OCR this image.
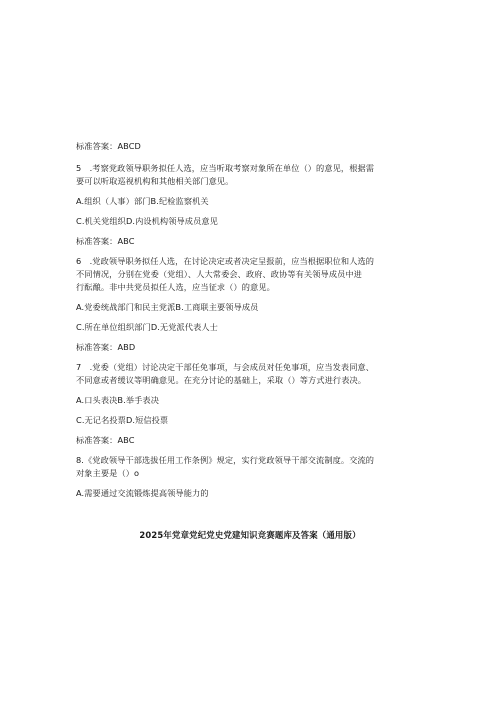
标准答案：ABCD

5　.考察党政领导职务拟任人选，应当听取考察对象所在单位（）的意见，根据需

要可以听取巡视机构和其他相关部门意见。

A.组织（人事）部门B.纪检监察机关

C.机关党组织D.内设机构领导成员意见

标准答案：ABC

6　.党政领导职务拟任人选，在讨论决定或者决定呈报前，应当根据职位和人选的

不同情况，分别在党委（党组）、人大常委会、政府、政协等有关领导成员中进

行酝酿。非中共党员拟任人选，应当征求（）的意见。

A.党委统战部门和民主党派B.工商联主要领导成员

C.所在单位组织部门D.无党派代表人士

标准答案：ABD

7　.党委（党组）讨论决定干部任免事项，与会成员对任免事项，应当发表同意、

不同意或者缓议等明确意见。在充分讨论的基础上，采取（）等方式进行表决。

A.口头表决B.举手表决

C.无记名投票D.短信投票

标准答案：ABC

8.《党政领导干部选拔任用工作条例》规定，实行党政领导干部交流制度。交流的

对象主要是（）o

A.需要通过交流锻炼提高领导能力的

2025年党章党纪党史党建知识竞赛题库及答案（通用版）
